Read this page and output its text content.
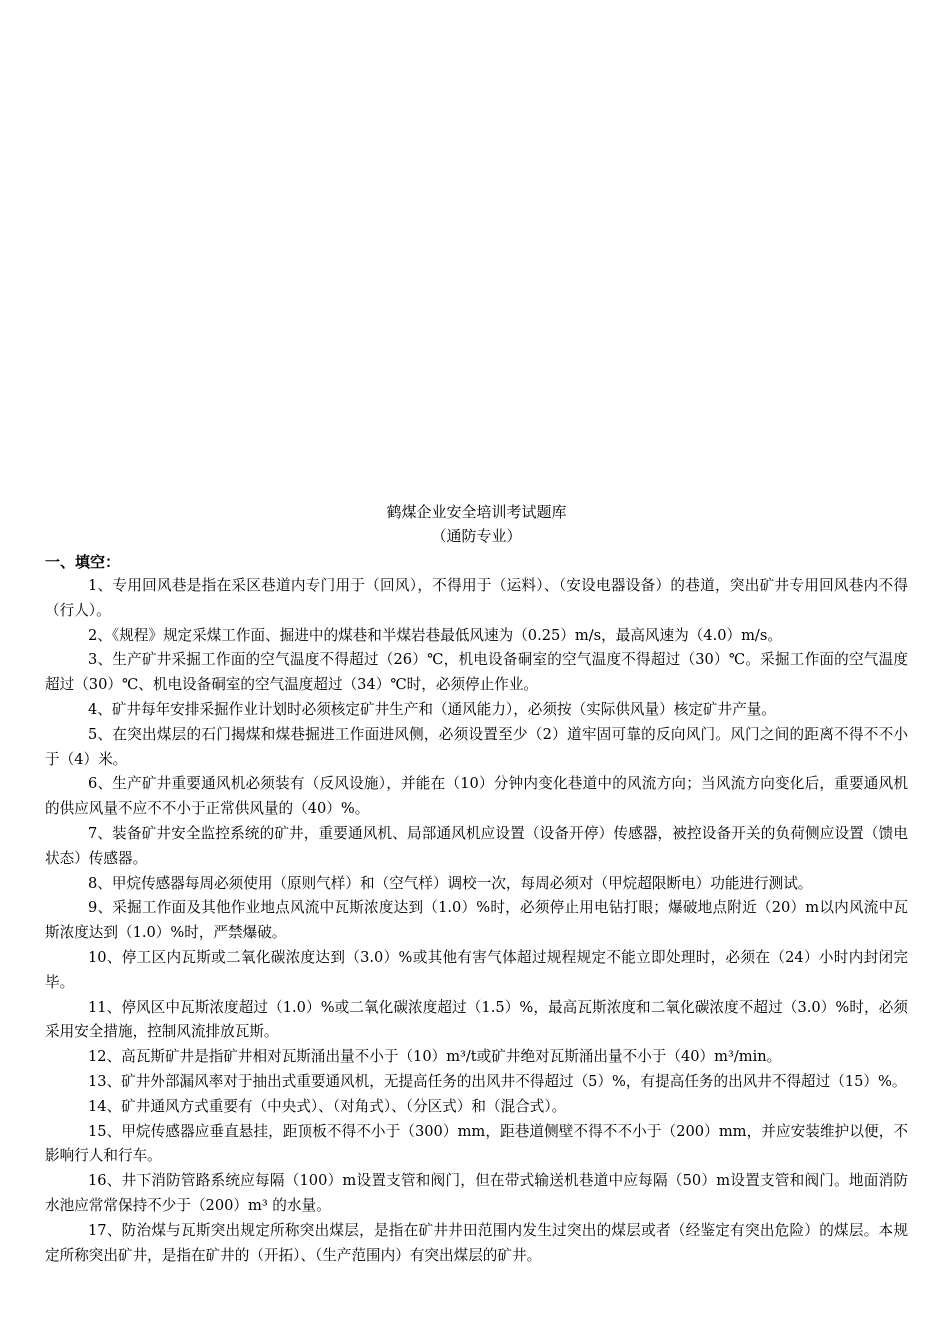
鹤煤企业安全培训考试题库

（通防专业）

一、填空：

1、专用回风巷是指在采区巷道内专门用于（回风），不得用于（运料）、（安设电器设备）的巷道，突出矿井专用回风巷内不得（行人）。

2、《规程》规定采煤工作面、掘进中的煤巷和半煤岩巷最低风速为（0.25）m/s，最高风速为（4.0）m/s。

3、生产矿井采掘工作面的空气温度不得超过（26）℃，机电设备硐室的空气温度不得超过（30）℃。采掘工作面的空气温度超过（30）℃、机电设备硐室的空气温度超过（34）℃时，必须停止作业。

4、矿井每年安排采掘作业计划时必须核定矿井生产和（通风能力），必须按（实际供风量）核定矿井产量。

5、在突出煤层的石门揭煤和煤巷掘进工作面进风侧，必须设置至少（2）道牢固可靠的反向风门。风门之间的距离不得不不小于（4）米。

6、生产矿井重要通风机必须装有（反风设施），并能在（10）分钟内变化巷道中的风流方向；当风流方向变化后，重要通风机的供应风量不应不不小于正常供风量的（40）%。

7、装备矿井安全监控系统的矿井，重要通风机、局部通风机应设置（设备开停）传感器，被控设备开关的负荷侧应设置（馈电状态）传感器。

8、甲烷传感器每周必须使用（原则气样）和（空气样）调校一次，每周必须对（甲烷超限断电）功能进行测试。

9、采掘工作面及其他作业地点风流中瓦斯浓度达到（1.0）%时，必须停止用电钻打眼；爆破地点附近（20）m以内风流中瓦斯浓度达到（1.0）%时，严禁爆破。

10、停工区内瓦斯或二氧化碳浓度达到（3.0）%或其他有害气体超过规程规定不能立即处理时，必须在（24）小时内封闭完毕。

11、停风区中瓦斯浓度超过（1.0）%或二氧化碳浓度超过（1.5）%，最高瓦斯浓度和二氧化碳浓度不超过（3.0）%时，必须采用安全措施，控制风流排放瓦斯。

12、高瓦斯矿井是指矿井相对瓦斯涌出量不小于（10）m³/t或矿井绝对瓦斯涌出量不小于（40）m³/min。

13、矿井外部漏风率对于抽出式重要通风机，无提高任务的出风井不得超过（5）%，有提高任务的出风井不得超过（15）%。

14、矿井通风方式重要有（中央式）、（对角式）、（分区式）和（混合式）。

15、甲烷传感器应垂直悬挂，距顶板不得不小于（300）mm，距巷道侧壁不得不不小于（200）mm，并应安装维护以便，不影响行人和行车。

16、井下消防管路系统应每隔（100）m设置支管和阀门，但在带式输送机巷道中应每隔（50）m设置支管和阀门。地面消防水池应常常保持不少于（200）m³ 的水量。

17、防治煤与瓦斯突出规定所称突出煤层，是指在矿井井田范围内发生过突出的煤层或者（经鉴定有突出危险）的煤层。本规定所称突出矿井，是指在矿井的（开拓）、（生产范围内）有突出煤层的矿井。
